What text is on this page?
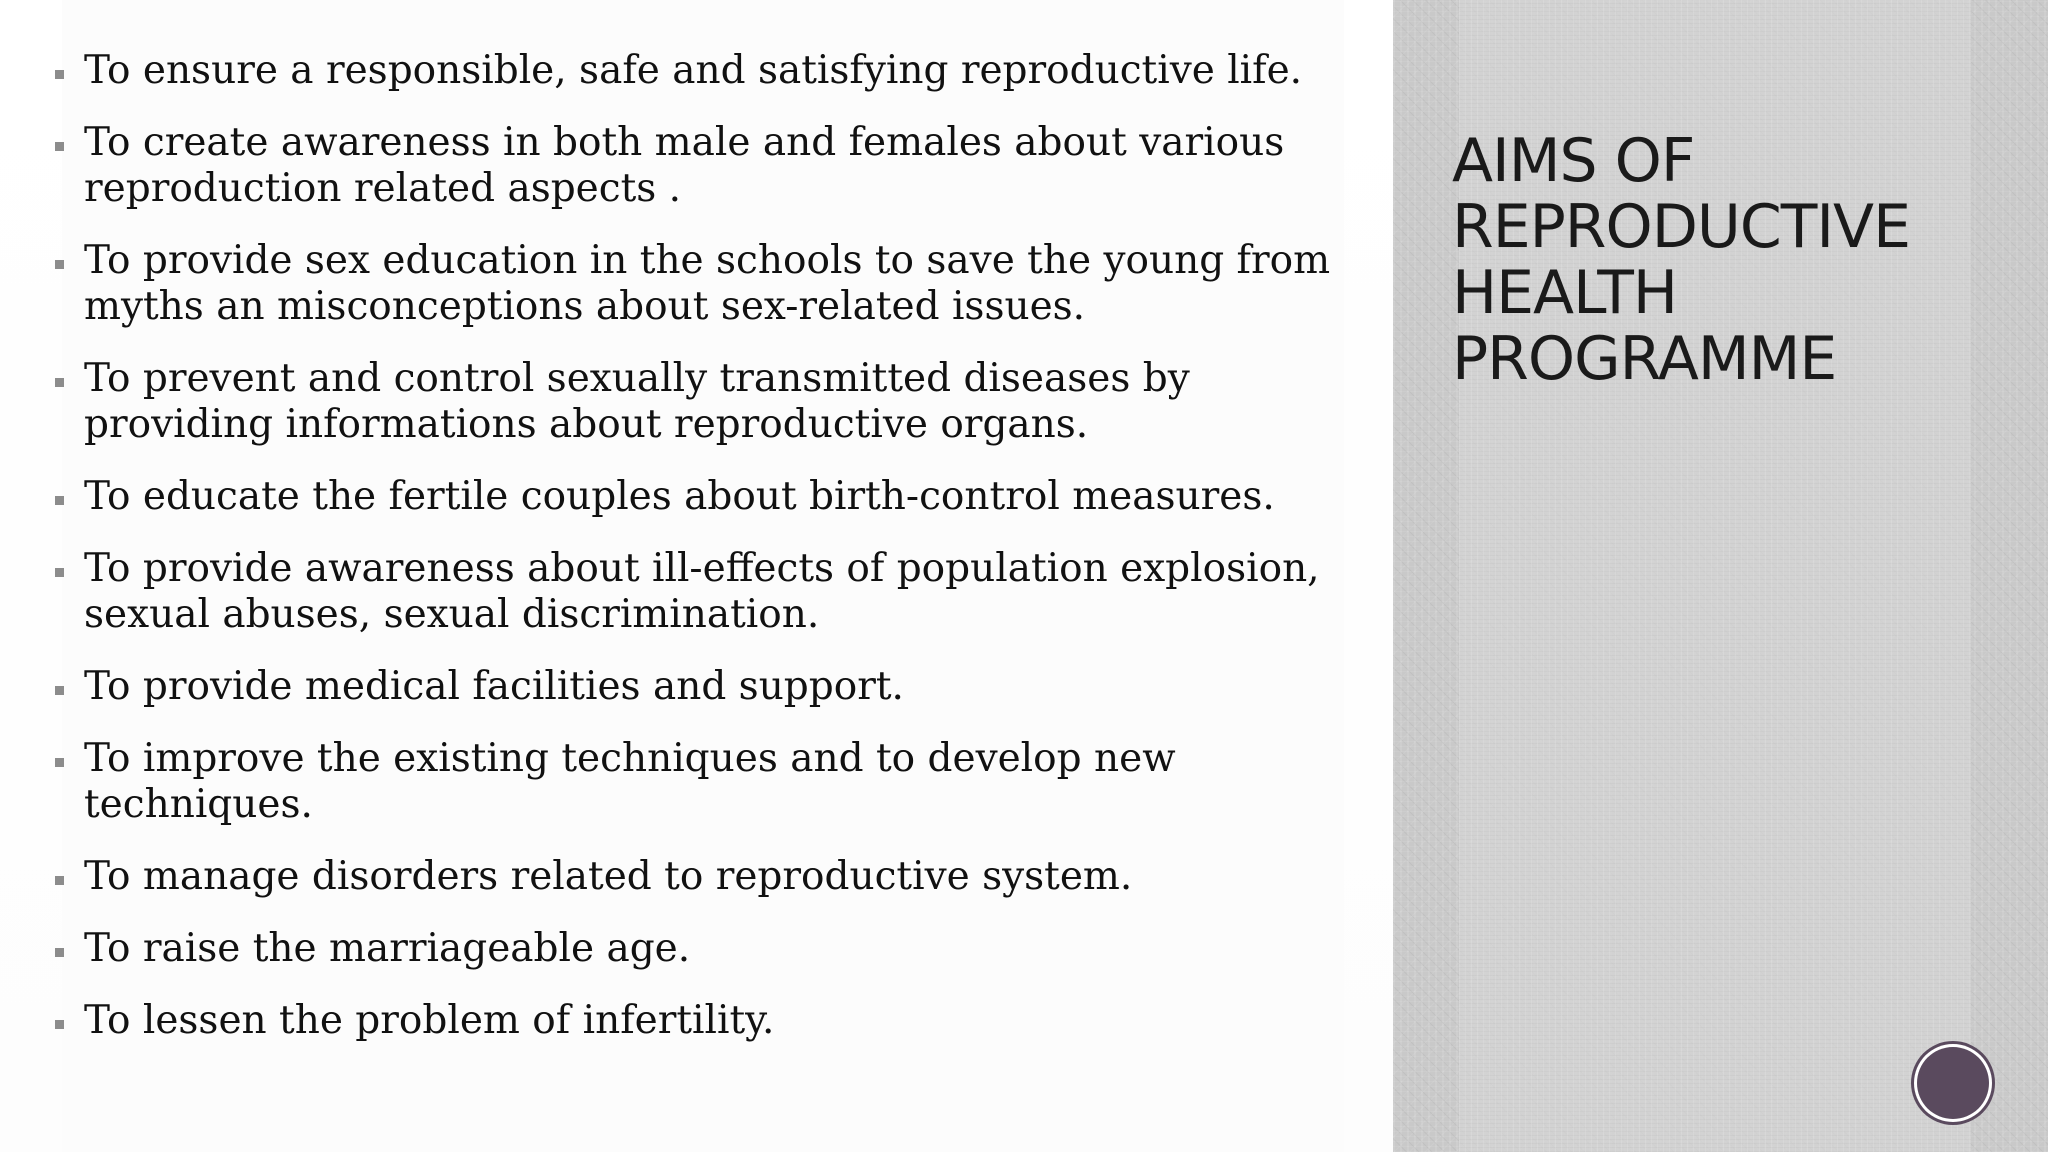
To ensure a responsible, safe and satisfying reproductive life.
To create awareness in both male and females about various reproduction related aspects .
To provide sex education in the schools to save the young from myths an misconceptions about sex-related issues.
To prevent and control sexually transmitted diseases by providing informations about reproductive organs.
To educate the fertile couples about birth-control measures.
To provide awareness about ill-effects of population explosion, sexual abuses, sexual discrimination.
To provide medical facilities and support.
To improve the existing techniques and to develop new techniques.
To manage disorders related to reproductive system.
To raise the marriageable age.
To lessen the problem of infertility.
AIMS OF REPRODUCTIVE HEALTH PROGRAMME
